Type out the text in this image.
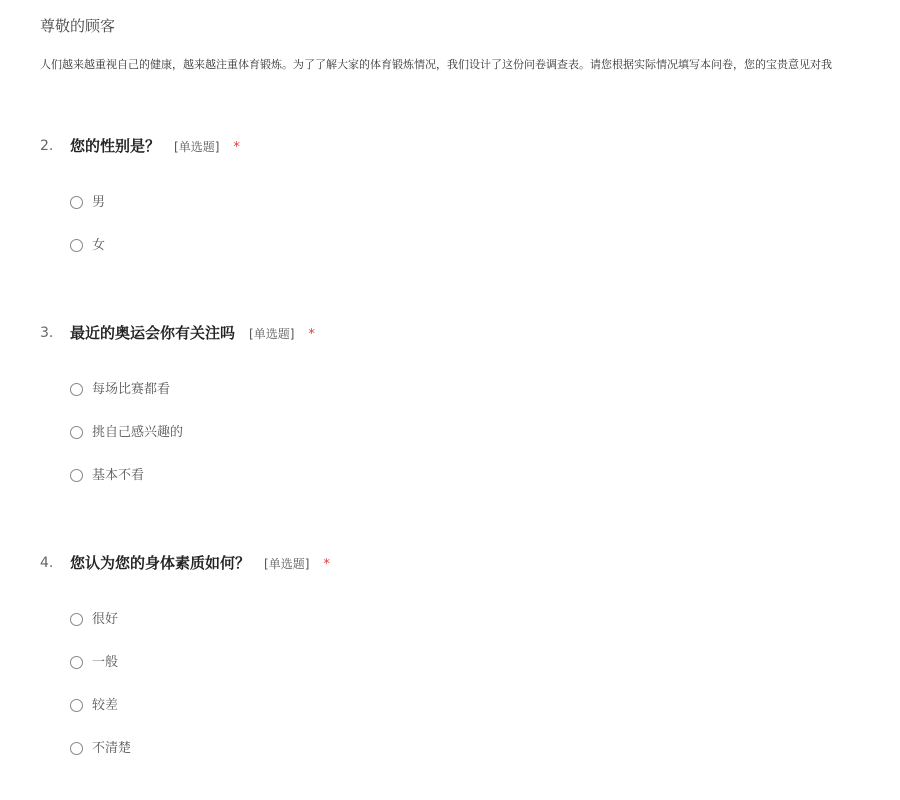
尊敬的顾客
人们越来越重视自己的健康，越来越注重体育锻炼。为了了解大家的体育锻炼情况，我们设计了这份问卷调查表。请您根据实际情况填写本问卷，您的宝贵意见对我
2. 您的性别是？ [单选题] *
男
女
3. 最近的奥运会你有关注吗 [单选题] *
每场比赛都看
挑自己感兴趣的
基本不看
4. 您认为您的身体素质如何？ [单选题] *
很好
一般
较差
不清楚
